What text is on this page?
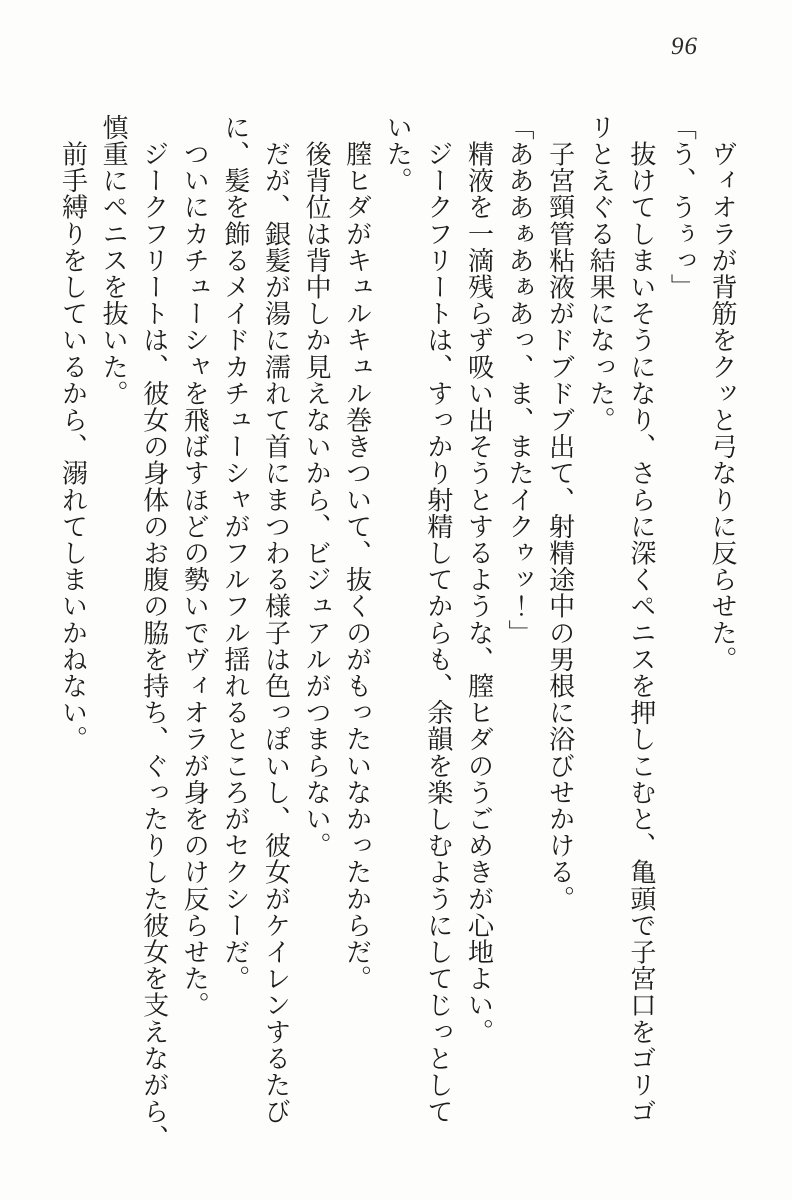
96

　ヴィオラが背筋をクッと弓なりに反らせた。

「う、うぅっ」

　抜けてしまいそうになり、さらに深くペニスを押しこむと、亀頭で子宮口をゴリゴ

リとえぐる結果になった。

　子宮頸管粘液がドブドブ出て、射精途中の男根に浴びせかける。

「あああぁあぁあっ、ま、またイクゥッ！」

　精液を一滴残らず吸い出そうとするような、膣ヒダのうごめきが心地よい。

　ジークフリートは、すっかり射精してからも、余韻を楽しむようにしてじっとして

いた。

　膣ヒダがキュルキュル巻きついて、抜くのがもったいなかったからだ。

　後背位は背中しか見えないから、ビジュアルがつまらない。

　だが、銀髪が湯に濡れて首にまつわる様子は色っぽいし、彼女がケイレンするたび

に、髪を飾るメイドカチューシャがフルフル揺れるところがセクシーだ。

　ついにカチューシャを飛ばすほどの勢いでヴィオラが身をのけ反らせた。

　ジークフリートは、彼女の身体のお腹の脇を持ち、ぐったりした彼女を支えながら、

慎重にペニスを抜いた。

　前手縛りをしているから、溺れてしまいかねない。
